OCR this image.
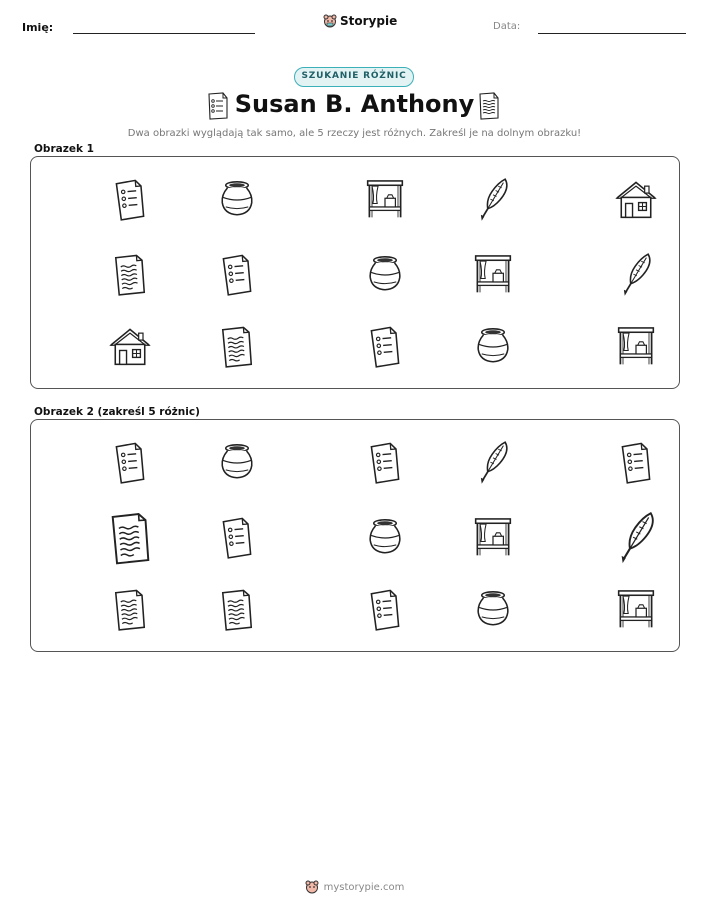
Imię:	Storypie	Data:
SZUKANIE RÓŻNIC
Susan B. Anthony
Dwa obrazki wyglądają tak samo, ale 5 rzeczy jest różnych. Zakreśl je na dolnym obrazku!
Obrazek 1
Obrazek 2 (zakreśl 5 różnic)
mystorypie.com
